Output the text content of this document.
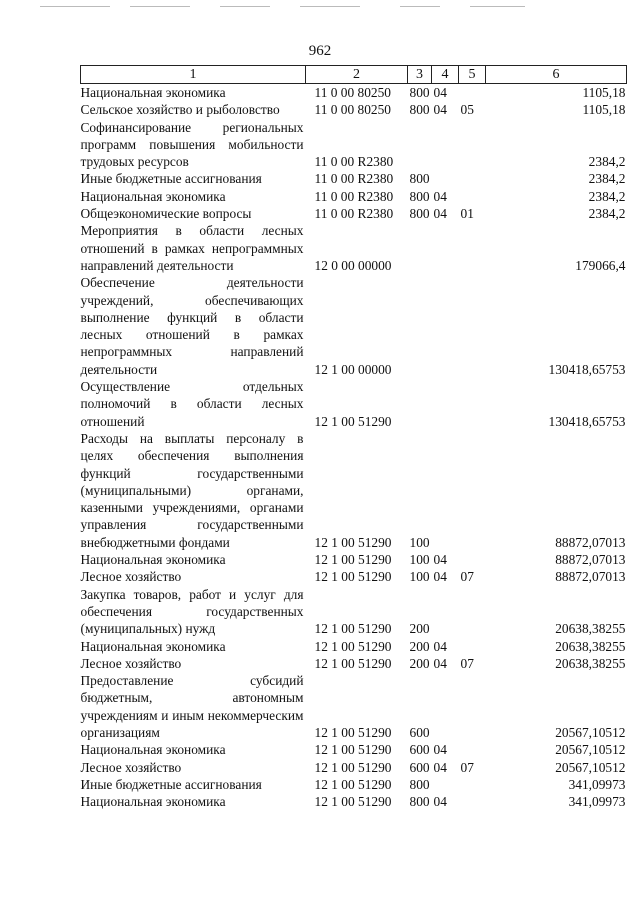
962
1	2	3	4	5	6
Национальная экономика	11 0 00 80250	800	04		1105,18
Сельское хозяйство и рыболовство	11 0 00 80250	800	04	05	1105,18
Софинансирование региональных программ повышения мобильности трудовых ресурсов	11 0 00 R2380				2384,2
Иные бюджетные ассигнования	11 0 00 R2380	800			2384,2
Национальная экономика	11 0 00 R2380	800	04		2384,2
Общеэкономические вопросы	11 0 00 R2380	800	04	01	2384,2
Мероприятия в области лесных отношений в рамках непрограммных направлений деятельности	12 0 00 00000				179066,4
Обеспечение деятельности учреждений, обеспечивающих выполнение функций в области лесных отношений в рамках непрограммных направлений деятельности	12 1 00 00000				130418,65753
Осуществление отдельных полномочий в области лесных отношений	12 1 00 51290				130418,65753
Расходы на выплаты персоналу в целях обеспечения выполнения функций государственными (муниципальными) органами, казенными учреждениями, органами управления государственными внебюджетными фондами	12 1 00 51290	100			88872,07013
Национальная экономика	12 1 00 51290	100	04		88872,07013
Лесное хозяйство	12 1 00 51290	100	04	07	88872,07013
Закупка товаров, работ и услуг для обеспечения государственных (муниципальных) нужд	12 1 00 51290	200			20638,38255
Национальная экономика	12 1 00 51290	200	04		20638,38255
Лесное хозяйство	12 1 00 51290	200	04	07	20638,38255
Предоставление субсидий бюджетным, автономным учреждениям и иным некоммерческим организациям	12 1 00 51290	600			20567,10512
Национальная экономика	12 1 00 51290	600	04		20567,10512
Лесное хозяйство	12 1 00 51290	600	04	07	20567,10512
Иные бюджетные ассигнования	12 1 00 51290	800			341,09973
Национальная экономика	12 1 00 51290	800	04		341,09973
